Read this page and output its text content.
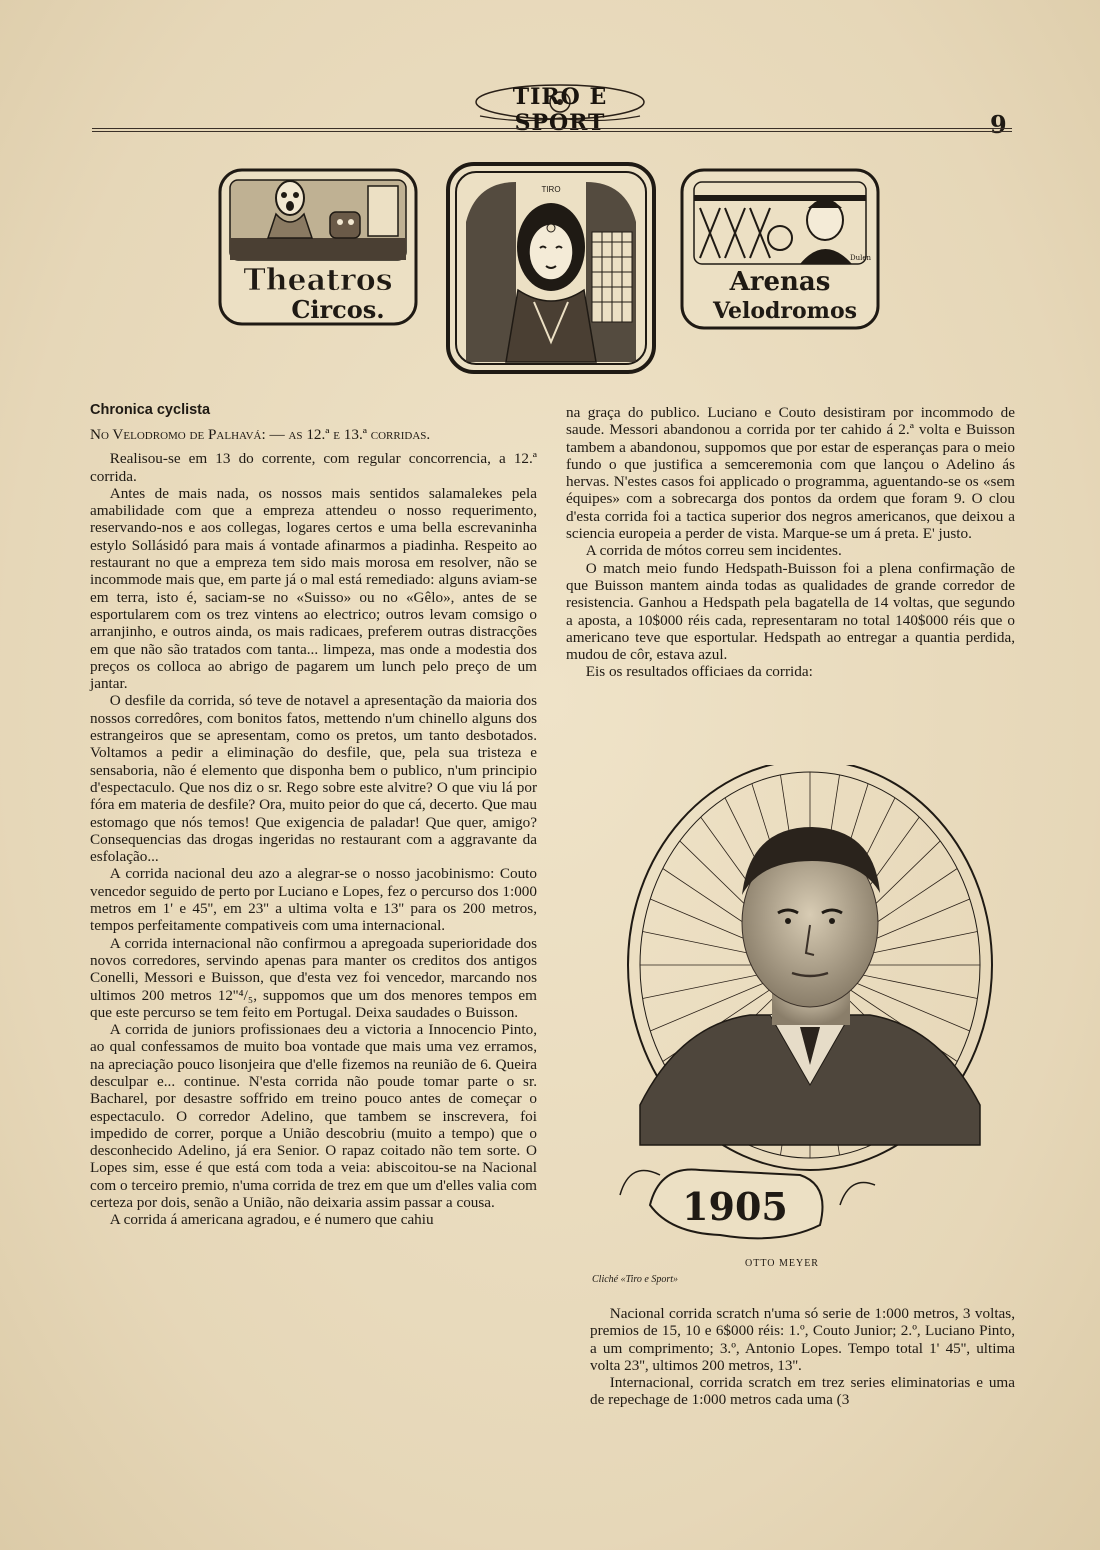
TIRO E SPORT	9
Theatros
Circos.
TIRO
Dulen
Arenas
Velodromos
Chronica cyclista

No Velodromo de Palhavá: — as 12.ª e 13.ª corridas.

Realisou-se em 13 do corrente, com regular concorrencia, a 12.ª corrida.

Antes de mais nada, os nossos mais sentidos salamalekes pela amabilidade com que a empreza attendeu o nosso requerimento, reservando-nos e aos collegas, logares certos e uma bella escrevaninha estylo Sollásidó para mais á vontade afinarmos a piadinha. Respeito ao restaurant no que a empreza tem sido mais morosa em resolver, não se incommode mais que, em parte já o mal está remediado: alguns aviam-se em terra, isto é, saciam-se no «Suisso» ou no «Gêlo», antes de se esportularem com os trez vintens ao electrico; outros levam comsigo o arranjinho, e outros ainda, os mais radicaes, preferem outras distracções em que não são tratados com tanta... limpeza, mas onde a modestia dos preços os colloca ao abrigo de pagarem um lunch pelo preço de um jantar.

O desfile da corrida, só teve de notavel a apresentação da maioria dos nossos corredôres, com bonitos fatos, mettendo n'um chinello alguns dos estrangeiros que se apresentam, como os pretos, um tanto desbotados. Voltamos a pedir a eliminação do desfile, que, pela sua tristeza e sensaboria, não é elemento que disponha bem o publico, n'um principio d'espectaculo. Que nos diz o sr. Rego sobre este alvitre? O que viu lá por fóra em materia de desfile? Ora, muito peior do que cá, decerto. Que mau estomago que nós temos! Que exigencia de paladar! Que quer, amigo? Consequencias das drogas ingeridas no restaurant com a aggravante da esfolação...

A corrida nacional deu azo a alegrar-se o nosso jacobinismo: Couto vencedor seguido de perto por Luciano e Lopes, fez o percurso dos 1:000 metros em 1' e 45'', em 23'' a ultima volta e 13'' para os 200 metros, tempos perfeitamente compativeis com uma internacional.

A corrida internacional não confirmou a apregoada superioridade dos novos corredores, servindo apenas para manter os creditos dos antigos Conelli, Messori e Buisson, que d'esta vez foi vencedor, marcando nos ultimos 200 metros 12''⁴/₅, suppomos que um dos menores tempos em que este percurso se tem feito em Portugal. Deixa saudades o Buisson.

A corrida de juniors profissionaes deu a victoria a Innocencio Pinto, ao qual confessamos de muito boa vontade que mais uma vez erramos, na apreciação pouco lisonjeira que d'elle fizemos na reunião de 6. Queira desculpar e... continue. N'esta corrida não poude tomar parte o sr. Bacharel, por desastre soffrido em treino pouco antes de começar o espectaculo. O corredor Adelino, que tambem se inscrevera, foi impedido de correr, porque a União descobriu (muito a tempo) que o desconhecido Adelino, já era Senior. O rapaz coitado não tem sorte. O Lopes sim, esse é que está com toda a veia: abiscoitou-se na Nacional com o terceiro premio, n'uma corrida de trez em que um d'elles valia com certeza por dois, senão a União, não deixaria assim passar a cousa.

A corrida á americana agradou, e é numero que cahiu

na graça do publico. Luciano e Couto desistiram por incommodo de saude. Messori abandonou a corrida por ter cahido á 2.ª volta e Buisson tambem a abandonou, suppomos que por estar de esperanças para o meio fundo o que justifica a semceremonia com que lançou o Adelino ás hervas. N'estes casos foi applicado o programma, aguentando-se os «sem équipes» com a sobrecarga dos pontos da ordem que foram 9. O clou d'esta corrida foi a tactica superior dos negros americanos, que deixou a sciencia europeia a perder de vista. Marque-se um á preta. E' justo.

A corrida de mótos correu sem incidentes.

O match meio fundo Hedspath-Buisson foi a plena confirmação de que Buisson mantem ainda todas as qualidades de grande corredor de resistencia. Ganhou a Hedspath pela bagatella de 14 voltas, que segundo a aposta, a 10$000 réis cada, representaram no total 140$000 réis que o americano teve que esportular. Hedspath ao entregar a quantia perdida, mudou de côr, estava azul.

Eis os resultados officiaes da corrida:

1905
OTTO MEYER
Cliché «Tiro e Sport»

Nacional corrida scratch n'uma só serie de 1:000 metros, 3 voltas, premios de 15, 10 e 6$000 réis: 1.º, Couto Junior; 2.º, Luciano Pinto, a um comprimento; 3.º, Antonio Lopes. Tempo total 1' 45'', ultima volta 23'', ultimos 200 metros, 13''.

Internacional, corrida scratch em trez series eliminatorias e uma de repechage de 1:000 metros cada uma (3
